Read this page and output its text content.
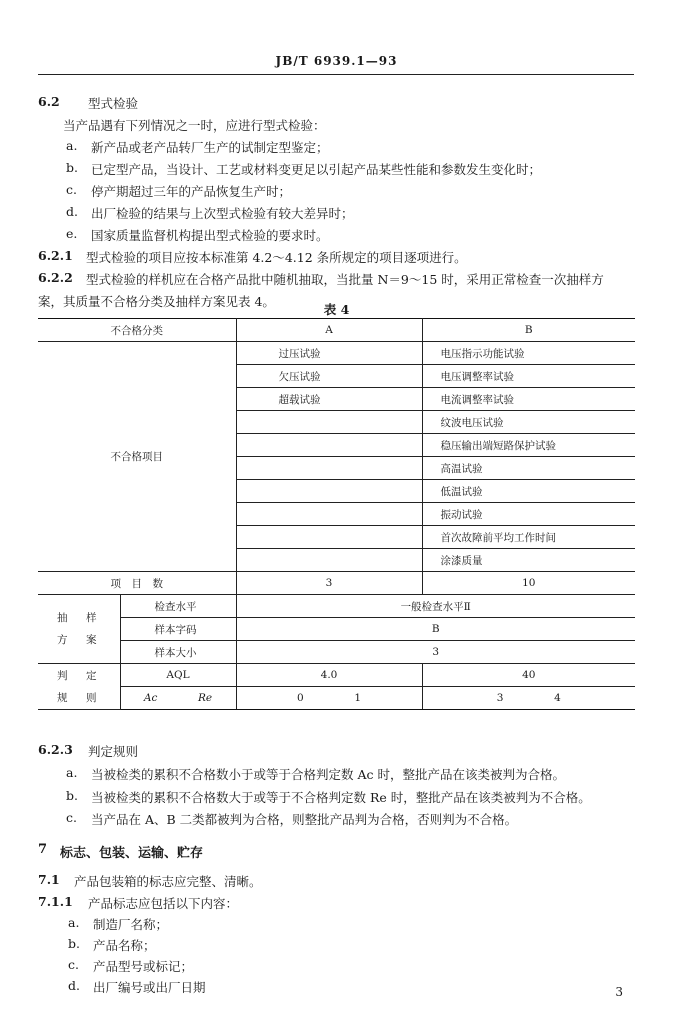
JB/T 6939.1—93
6.2 型式检验
当产品遇有下列情况之一时，应进行型式检验：
a. 新产品或老产品转厂生产的试制定型鉴定；
b. 已定型产品，当设计、工艺或材料变更足以引起产品某些性能和参数发生变化时；
c. 停产期超过三年的产品恢复生产时；
d. 出厂检验的结果与上次型式检验有较大差异时；
e. 国家质量监督机构提出型式检验的要求时。
6.2.1 型式检验的项目应按本标准第 4.2～4.12 条所规定的项目逐项进行。
6.2.2 型式检验的样机应在合格产品批中随机抽取，当批量 N＝9～15 时，采用正常检查一次抽样方
案，其质量不合格分类及抽样方案见表 4。
表 4
不合格分类		A	B
不合格项目		过压试验	电压指示功能试验
		欠压试验	电压调整率试验
		超载试验	电流调整率试验
			纹波电压试验
			稳压输出端短路保护试验
			高温试验
			低温试验
			振动试验
			首次故障前平均工作时间
			涂漆质量
项　目　数		3	10

抽　样
方　案	检查水平	一般检查水平Ⅱ	
	样本字码	B	
	样本大小	3	

判　定
规　则	AQL	4.0	40
	Ac Re	0 1	3 4
6.2.3 判定规则
a. 当被检类的累积不合格数小于或等于合格判定数 Ac 时，整批产品在该类被判为合格。
b. 当被检类的累积不合格数大于或等于不合格判定数 Re 时，整批产品在该类被判为不合格。
c. 当产品在 A、B 二类都被判为合格，则整批产品判为合格，否则判为不合格。
7 标志、包装、运输、贮存
7.1 产品包装箱的标志应完整、清晰。
7.1.1 产品标志应包括以下内容：
a. 制造厂名称；
b. 产品名称；
c. 产品型号或标记；
d. 出厂编号或出厂日期	3
